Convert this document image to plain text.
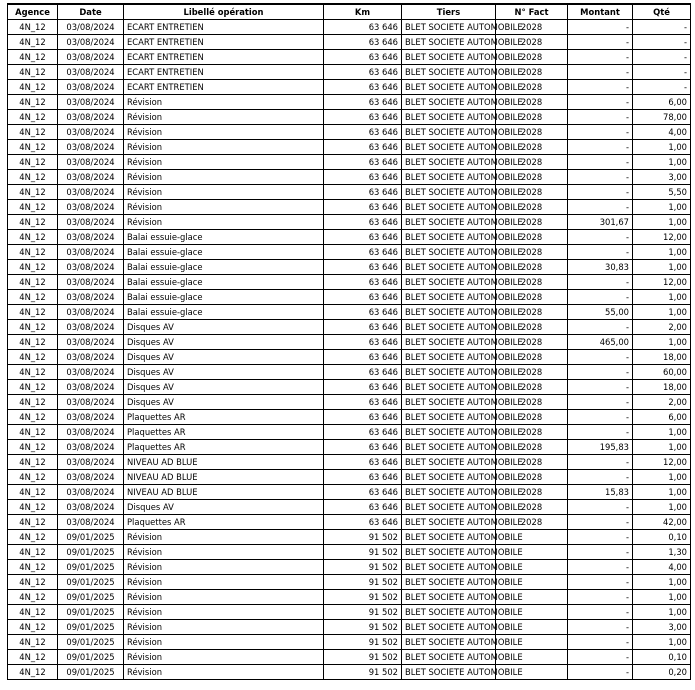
Agence	Date	Libellé opération	Km	Tiers	N° Fact	Montant	Qté
4N_12	03/08/2024	ECART ENTRETIEN	63 646	BLET SOCIETE AUTOMOBILE	2028	-	-
4N_12	03/08/2024	ECART ENTRETIEN	63 646	BLET SOCIETE AUTOMOBILE	2028	-	-
4N_12	03/08/2024	ECART ENTRETIEN	63 646	BLET SOCIETE AUTOMOBILE	2028	-	-
4N_12	03/08/2024	ECART ENTRETIEN	63 646	BLET SOCIETE AUTOMOBILE	2028	-	-
4N_12	03/08/2024	ECART ENTRETIEN	63 646	BLET SOCIETE AUTOMOBILE	2028	-	-
4N_12	03/08/2024	Révision	63 646	BLET SOCIETE AUTOMOBILE	2028	-	6,00
4N_12	03/08/2024	Révision	63 646	BLET SOCIETE AUTOMOBILE	2028	-	78,00
4N_12	03/08/2024	Révision	63 646	BLET SOCIETE AUTOMOBILE	2028	-	4,00
4N_12	03/08/2024	Révision	63 646	BLET SOCIETE AUTOMOBILE	2028	-	1,00
4N_12	03/08/2024	Révision	63 646	BLET SOCIETE AUTOMOBILE	2028	-	1,00
4N_12	03/08/2024	Révision	63 646	BLET SOCIETE AUTOMOBILE	2028	-	3,00
4N_12	03/08/2024	Révision	63 646	BLET SOCIETE AUTOMOBILE	2028	-	5,50
4N_12	03/08/2024	Révision	63 646	BLET SOCIETE AUTOMOBILE	2028	-	1,00
4N_12	03/08/2024	Révision	63 646	BLET SOCIETE AUTOMOBILE	2028	301,67	1,00
4N_12	03/08/2024	Balai essuie-glace	63 646	BLET SOCIETE AUTOMOBILE	2028	-	12,00
4N_12	03/08/2024	Balai essuie-glace	63 646	BLET SOCIETE AUTOMOBILE	2028	-	1,00
4N_12	03/08/2024	Balai essuie-glace	63 646	BLET SOCIETE AUTOMOBILE	2028	30,83	1,00
4N_12	03/08/2024	Balai essuie-glace	63 646	BLET SOCIETE AUTOMOBILE	2028	-	12,00
4N_12	03/08/2024	Balai essuie-glace	63 646	BLET SOCIETE AUTOMOBILE	2028	-	1,00
4N_12	03/08/2024	Balai essuie-glace	63 646	BLET SOCIETE AUTOMOBILE	2028	55,00	1,00
4N_12	03/08/2024	Disques AV	63 646	BLET SOCIETE AUTOMOBILE	2028	-	2,00
4N_12	03/08/2024	Disques AV	63 646	BLET SOCIETE AUTOMOBILE	2028	465,00	1,00
4N_12	03/08/2024	Disques AV	63 646	BLET SOCIETE AUTOMOBILE	2028	-	18,00
4N_12	03/08/2024	Disques AV	63 646	BLET SOCIETE AUTOMOBILE	2028	-	60,00
4N_12	03/08/2024	Disques AV	63 646	BLET SOCIETE AUTOMOBILE	2028	-	18,00
4N_12	03/08/2024	Disques AV	63 646	BLET SOCIETE AUTOMOBILE	2028	-	2,00
4N_12	03/08/2024	Plaquettes AR	63 646	BLET SOCIETE AUTOMOBILE	2028	-	6,00
4N_12	03/08/2024	Plaquettes AR	63 646	BLET SOCIETE AUTOMOBILE	2028	-	1,00
4N_12	03/08/2024	Plaquettes AR	63 646	BLET SOCIETE AUTOMOBILE	2028	195,83	1,00
4N_12	03/08/2024	NIVEAU AD BLUE	63 646	BLET SOCIETE AUTOMOBILE	2028	-	12,00
4N_12	03/08/2024	NIVEAU AD BLUE	63 646	BLET SOCIETE AUTOMOBILE	2028	-	1,00
4N_12	03/08/2024	NIVEAU AD BLUE	63 646	BLET SOCIETE AUTOMOBILE	2028	15,83	1,00
4N_12	03/08/2024	Disques AV	63 646	BLET SOCIETE AUTOMOBILE	2028	-	1,00
4N_12	03/08/2024	Plaquettes AR	63 646	BLET SOCIETE AUTOMOBILE	2028	-	42,00
4N_12	09/01/2025	Révision	91 502	BLET SOCIETE AUTOMOBILE		-	0,10
4N_12	09/01/2025	Révision	91 502	BLET SOCIETE AUTOMOBILE		-	1,30
4N_12	09/01/2025	Révision	91 502	BLET SOCIETE AUTOMOBILE		-	4,00
4N_12	09/01/2025	Révision	91 502	BLET SOCIETE AUTOMOBILE		-	1,00
4N_12	09/01/2025	Révision	91 502	BLET SOCIETE AUTOMOBILE		-	1,00
4N_12	09/01/2025	Révision	91 502	BLET SOCIETE AUTOMOBILE		-	1,00
4N_12	09/01/2025	Révision	91 502	BLET SOCIETE AUTOMOBILE		-	3,00
4N_12	09/01/2025	Révision	91 502	BLET SOCIETE AUTOMOBILE		-	1,00
4N_12	09/01/2025	Révision	91 502	BLET SOCIETE AUTOMOBILE		-	0,10
4N_12	09/01/2025	Révision	91 502	BLET SOCIETE AUTOMOBILE		-	0,20
